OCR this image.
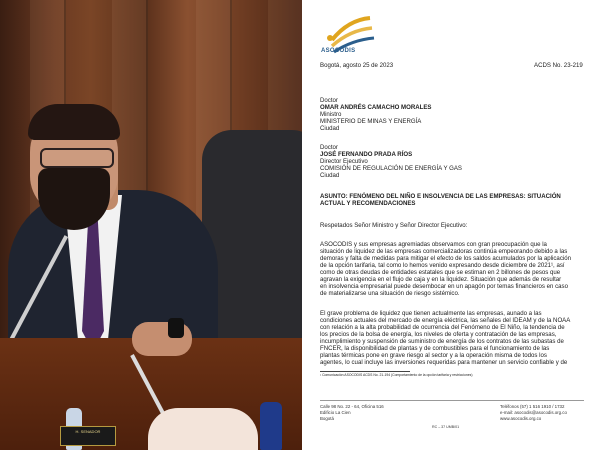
H. SENADOR
ASOCODIS
Bogotá, agosto 25 de 2023	ACDS No. 23-219
Doctor
OMAR ANDRÉS CAMACHO MORALES
Ministro
MINISTERIO DE MINAS Y ENERGÍA
Ciudad
Doctor
JOSÉ FERNANDO PRADA RÍOS
Director Ejecutivo
COMISIÓN DE REGULACIÓN DE ENERGÍA Y GAS
Ciudad
ASUNTO: FENÓMENO DEL NIÑO E INSOLVENCIA DE LAS EMPRESAS: SITUACIÓN
ACTUAL Y RECOMENDACIONES
Respetados Señor Ministro y Señor Director Ejecutivo:
ASOCODIS y sus empresas agremiadas observamos con gran preocupación que la
situación de liquidez de las empresas comercializadoras continúa empeorando debido a las
demoras y falta de medidas para mitigar el efecto de los saldos acumulados por la aplicación
de la opción tarifaria, tal como lo hemos venido expresando desde diciembre de 2021¹, así
como de otras deudas de entidades estatales que se estiman en 2 billones de pesos que
agravan la exigencia en el flujo de caja y en la liquidez. Situación que además de resultar
en insolvencia empresarial puede desembocar en un apagón por temas financieros en caso
de materializarse una situación de riesgo sistémico.
El grave problema de liquidez que tienen actualmente las empresas, aunado a las
condiciones actuales del mercado de energía eléctrica, las señales del IDEAM y de la NOAA
con relación a la alta probabilidad de ocurrencia del Fenómeno de El Niño, la tendencia de
los precios de la bolsa de energía, los niveles de oferta y contratación de las empresas,
incumplimiento y suspensión de suministro de energía de los contratos de las subastas de
FNCER, la disponibilidad de plantas y de combustibles para el funcionamiento de las
plantas térmicas pone en grave riesgo al sector y a la operación misma de todos los
agentes, lo cual incluye las inversiones requeridas para mantener un servicio confiable y de
¹ Comunicación ASOCODIS ACDS No. 21-194 (Comportamiento de la opción tarifaria y restricciones)
Calle 98 No. 22 - 64, Oficina 516
Edificio La Cien
Bogotá
RC – 37 UMB/01
Teléfonos (57) 1 516 1910 / 1732
e-mail: asocodis@asocodis.org.co
www.asocodis.org.co
